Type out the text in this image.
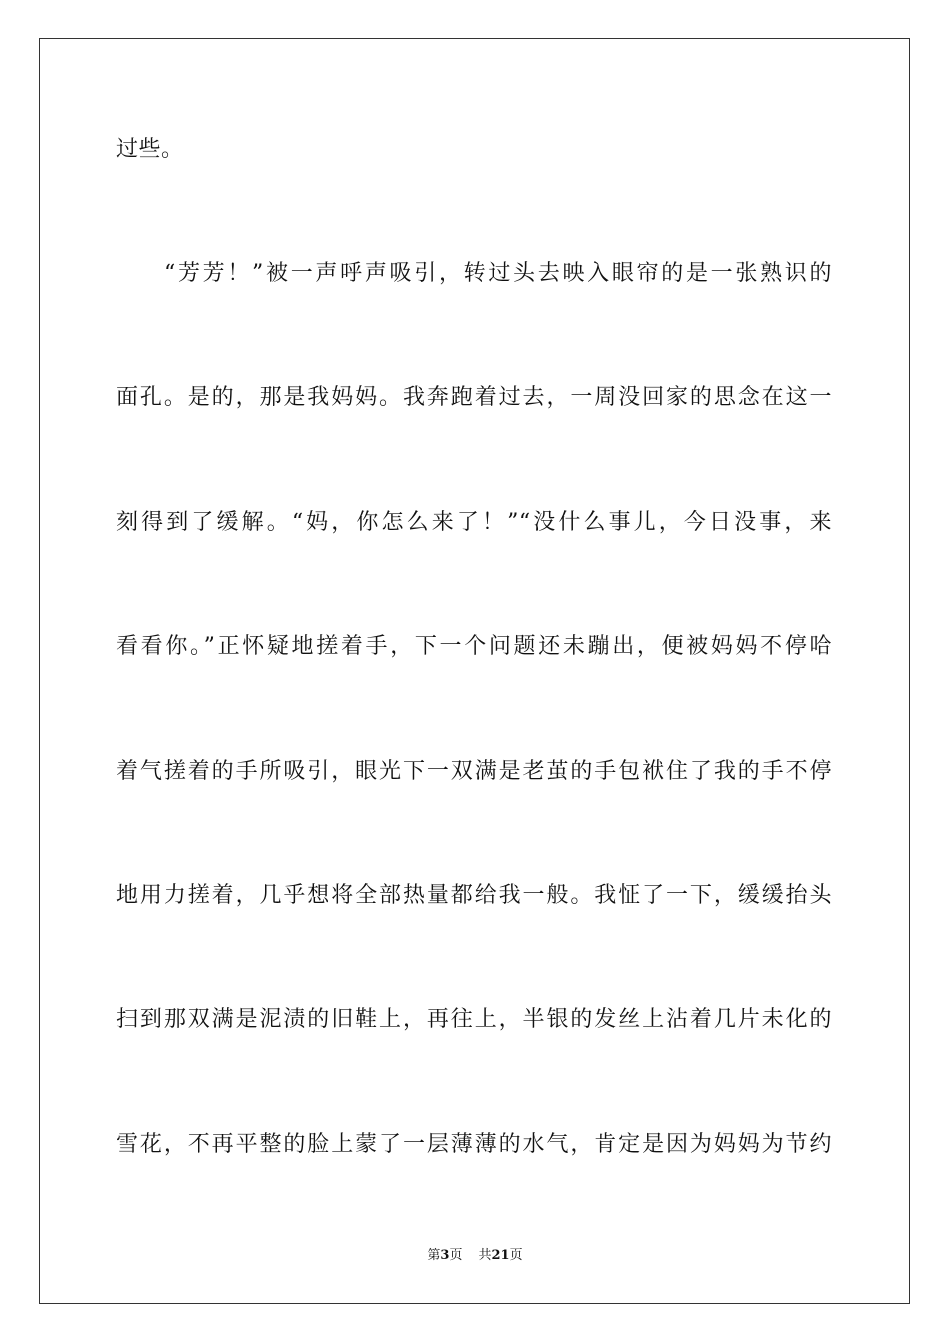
过些。
“芳芳！”被一声呼声吸引，转过头去映入眼帘的是一张熟识的
面孔。是的，那是我妈妈。我奔跑着过去，一周没回家的思念在这一
刻得到了缓解。“妈，你怎么来了！”“没什么事儿，今日没事，来
看看你。”正怀疑地搓着手，下一个问题还未蹦出，便被妈妈不停哈
着气搓着的手所吸引，眼光下一双满是老茧的手包袱住了我的手不停
地用力搓着，几乎想将全部热量都给我一般。我怔了一下，缓缓抬头
扫到那双满是泥渍的旧鞋上，再往上，半银的发丝上沾着几片未化的
雪花，不再平整的脸上蒙了一层薄薄的水气，肯定是因为妈妈为节约
第3页 共21页
